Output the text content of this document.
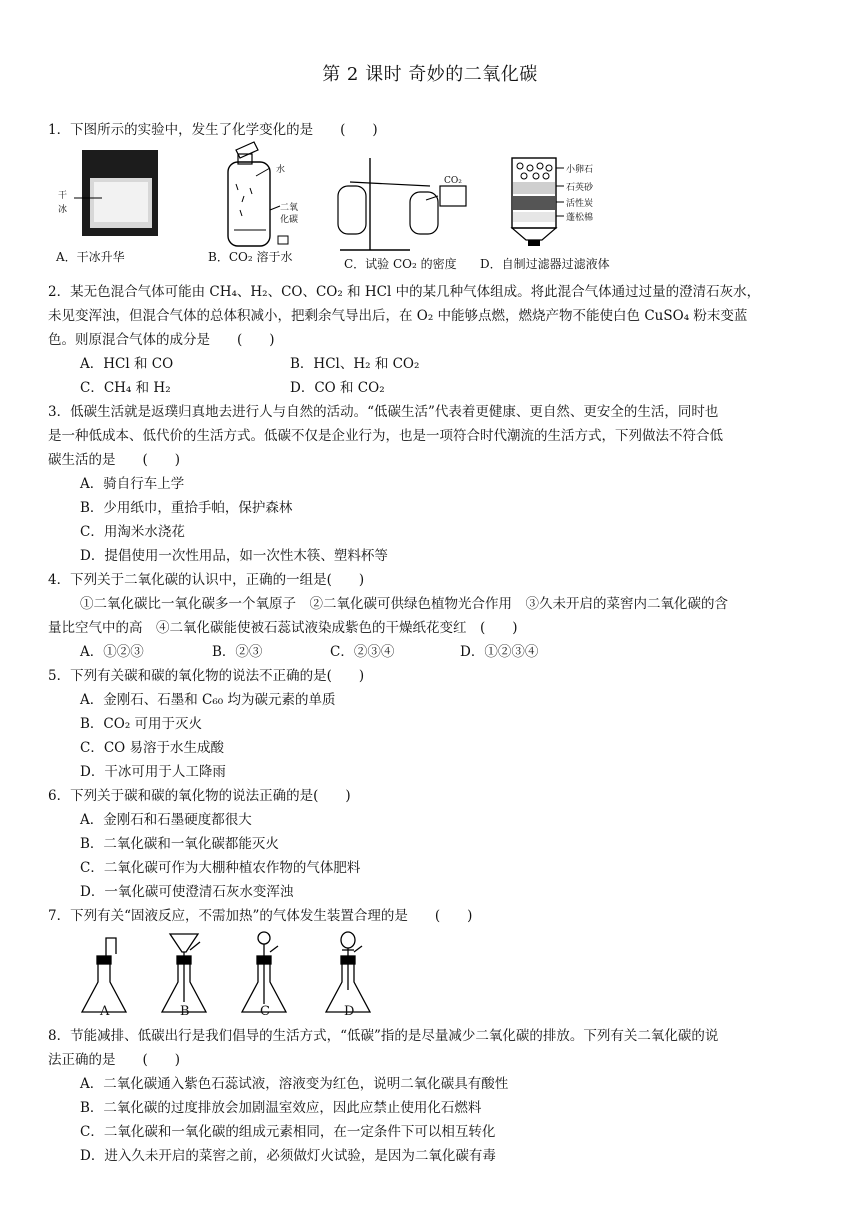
第 2 课时 奇妙的二氧化碳
1．下图所示的实验中，发生了化学变化的是　　(　　)
干
冰
A．干冰升华
水
二氧
化碳
B．CO₂ 溶于水
CO₂
C．试验 CO₂ 的密度
小卵石
石英砂
活性炭
蓬松棉
D．自制过滤器过滤液体
2．某无色混合气体可能由 CH₄、H₂、CO、CO₂ 和 HCl 中的某几种气体组成。将此混合气体通过过量的澄清石灰水，
未见变浑浊，但混合气体的总体积减小，把剩余气导出后，在 O₂ 中能够点燃，燃烧产物不能使白色 CuSO₄ 粉末变蓝
色。则原混合气体的成分是　　(　　)
A．HCl 和 CO	B．HCl、H₂ 和 CO₂
C．CH₄ 和 H₂	D．CO 和 CO₂
3．低碳生活就是返璞归真地去进行人与自然的活动。“低碳生活”代表着更健康、更自然、更安全的生活，同时也
是一种低成本、低代价的生活方式。低碳不仅是企业行为，也是一项符合时代潮流的生活方式，下列做法不符合低
碳生活的是　　(　　)
A．骑自行车上学
B．少用纸巾，重拾手帕，保护森林
C．用淘米水浇花
D．提倡使用一次性用品，如一次性木筷、塑料杯等
4．下列关于二氧化碳的认识中，正确的一组是(　　)
①二氧化碳比一氧化碳多一个氧原子　②二氧化碳可供绿色植物光合作用　③久未开启的菜窖内二氧化碳的含
量比空气中的高　④二氧化碳能使被石蕊试液染成紫色的干燥纸花变红　(　　)
A．①②③	B．②③	C．②③④	D．①②③④
5．下列有关碳和碳的氧化物的说法不正确的是(　　)
A．金刚石、石墨和 C₆₀ 均为碳元素的单质
B．CO₂ 可用于灭火
C．CO 易溶于水生成酸
D．干冰可用于人工降雨
6．下列关于碳和碳的氧化物的说法正确的是(　　)
A．金刚石和石墨硬度都很大
B．二氧化碳和一氧化碳都能灭火
C．二氧化碳可作为大棚种植农作物的气体肥料
D．一氧化碳可使澄清石灰水变浑浊
7．下列有关“固液反应，不需加热”的气体发生装置合理的是　　(　　)
A	B	C	D
8．节能减排、低碳出行是我们倡导的生活方式，“低碳”指的是尽量减少二氧化碳的排放。下列有关二氧化碳的说
法正确的是　　(　　)
A．二氧化碳通入紫色石蕊试液，溶液变为红色，说明二氧化碳具有酸性
B．二氧化碳的过度排放会加剧温室效应，因此应禁止使用化石燃料
C．二氧化碳和一氧化碳的组成元素相同，在一定条件下可以相互转化
D．进入久未开启的菜窖之前，必须做灯火试验，是因为二氧化碳有毒
